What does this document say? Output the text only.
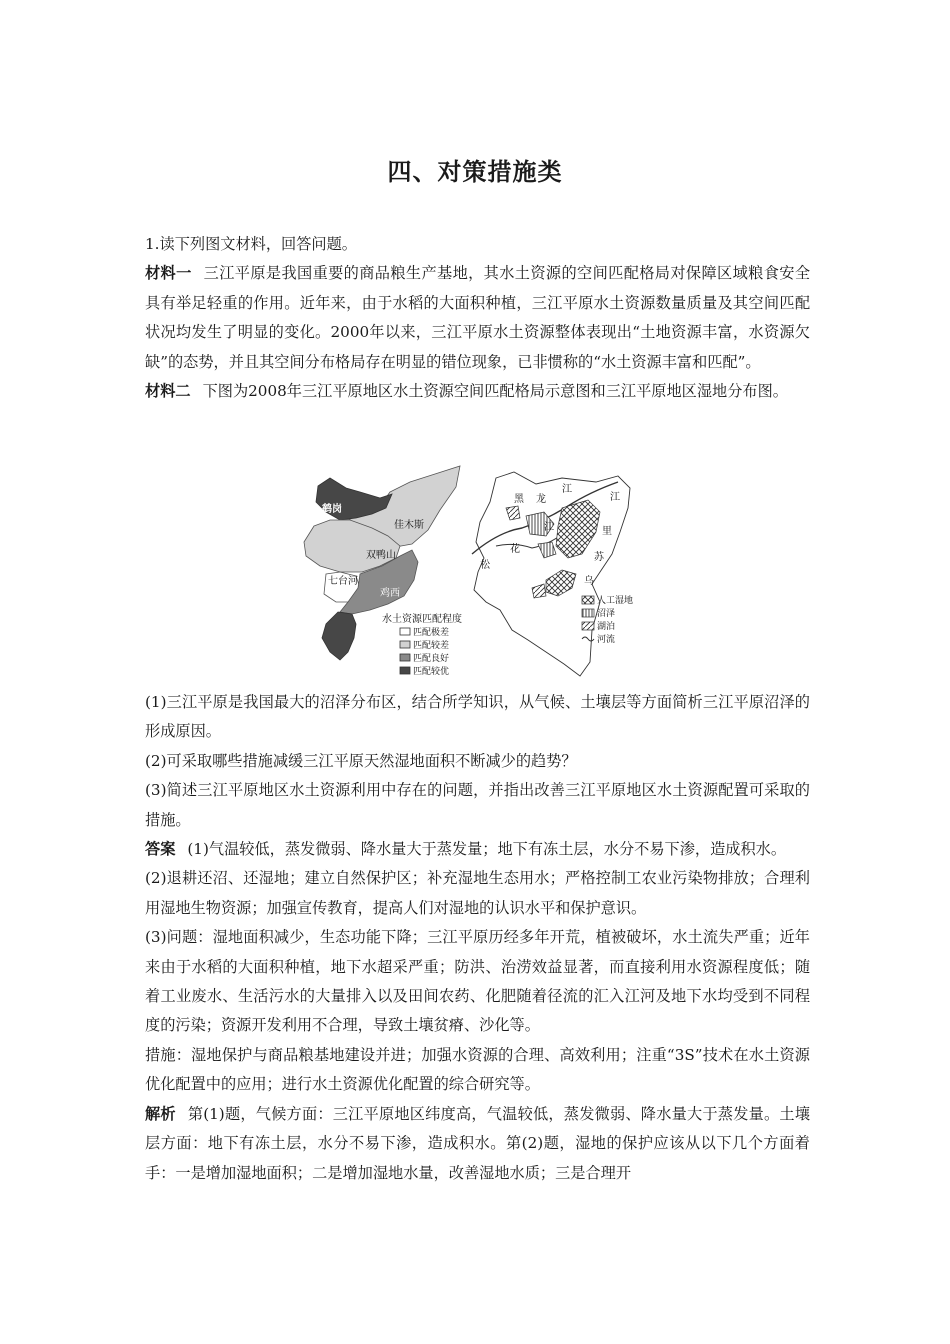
四、对策措施类

1.读下列图文材料，回答问题。

材料一 三江平原是我国重要的商品粮生产基地，其水土资源的空间匹配格局对保障区域粮食安全具有举足轻重的作用。近年来，由于水稻的大面积种植，三江平原水土资源数量质量及其空间匹配状况均发生了明显的变化。2000年以来，三江平原水土资源整体表现出“土地资源丰富，水资源欠缺”的态势，并且其空间分布格局存在明显的错位现象，已非惯称的“水土资源丰富和匹配”。

材料二 下图为2008年三江平原地区水土资源空间匹配格局示意图和三江平原地区湿地分布图。

鹤岗
佳木斯
双鸭山
七台河
鸡西
水土资源匹配程度
匹配极差
匹配较差
匹配良好
匹配较优
黑 龙
江
江
里
苏
乌
松
花
江
人工湿地
沼泽
湖泊
河流

(1)三江平原是我国最大的沼泽分布区，结合所学知识，从气候、土壤层等方面简析三江平原沼泽的形成原因。

(2)可采取哪些措施减缓三江平原天然湿地面积不断减少的趋势？

(3)简述三江平原地区水土资源利用中存在的问题，并指出改善三江平原地区水土资源配置可采取的措施。

答案 (1)气温较低，蒸发微弱、降水量大于蒸发量；地下有冻土层，水分不易下渗，造成积水。

(2)退耕还沼、还湿地；建立自然保护区；补充湿地生态用水；严格控制工农业污染物排放；合理利用湿地生物资源；加强宣传教育，提高人们对湿地的认识水平和保护意识。

(3)问题：湿地面积减少，生态功能下降；三江平原历经多年开荒，植被破坏，水土流失严重；近年来由于水稻的大面积种植，地下水超采严重；防洪、治涝效益显著，而直接利用水资源程度低；随着工业废水、生活污水的大量排入以及田间农药、化肥随着径流的汇入江河及地下水均受到不同程度的污染；资源开发利用不合理，导致土壤贫瘠、沙化等。

措施：湿地保护与商品粮基地建设并进；加强水资源的合理、高效利用；注重“3S”技术在水土资源优化配置中的应用；进行水土资源优化配置的综合研究等。

解析 第(1)题，气候方面：三江平原地区纬度高，气温较低，蒸发微弱、降水量大于蒸发量。土壤层方面：地下有冻土层，水分不易下渗，造成积水。第(2)题，湿地的保护应该从以下几个方面着手：一是增加湿地面积；二是增加湿地水量，改善湿地水质；三是合理开
